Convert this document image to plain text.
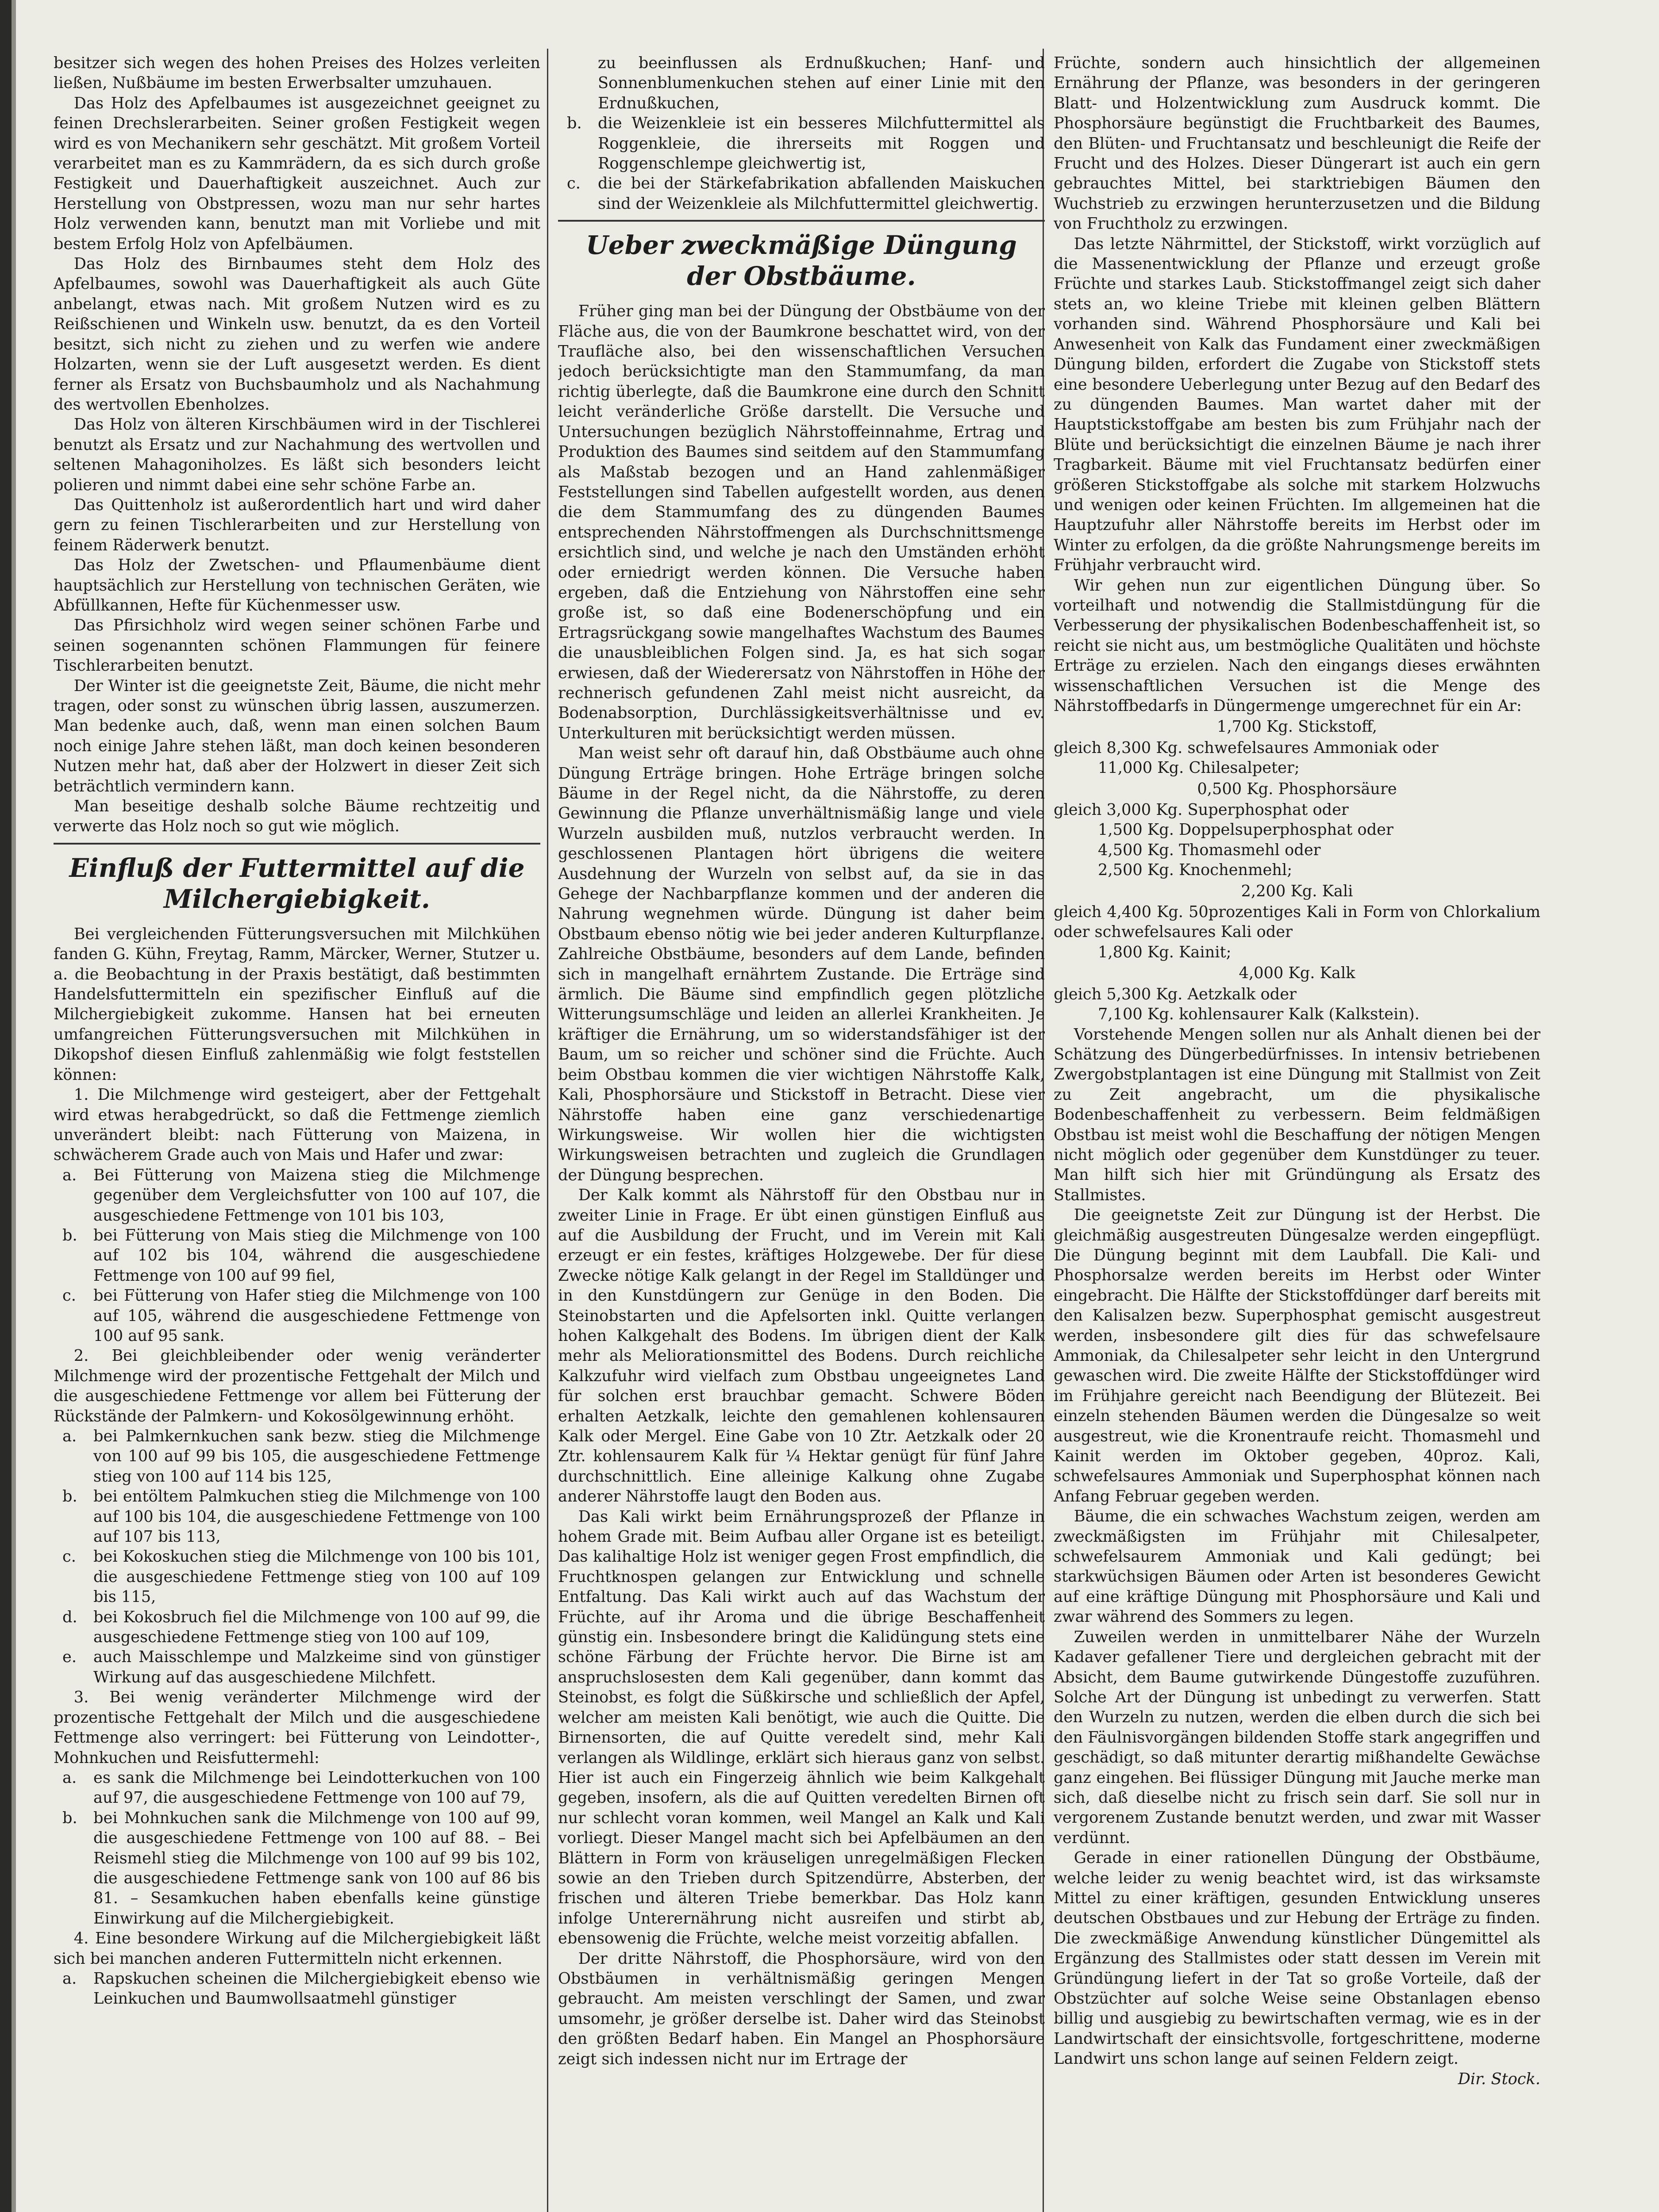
besitzer sich wegen des hohen Preises des Holzes verleiten ließen, Nußbäume im besten Erwerbsalter umzuhauen.

Das Holz des Apfelbaumes ist ausgezeichnet geeignet zu feinen Drechslerarbeiten. Seiner großen Festigkeit wegen wird es von Mechanikern sehr geschätzt. Mit großem Vorteil verarbeitet man es zu Kammrädern, da es sich durch große Festigkeit und Dauerhaftigkeit auszeichnet. Auch zur Herstellung von Obstpressen, wozu man nur sehr hartes Holz verwenden kann, benutzt man mit Vorliebe und mit bestem Erfolg Holz von Apfelbäumen.

Das Holz des Birnbaumes steht dem Holz des Apfelbaumes, sowohl was Dauerhaftigkeit als auch Güte anbelangt, etwas nach. Mit großem Nutzen wird es zu Reißschienen und Winkeln usw. benutzt, da es den Vorteil besitzt, sich nicht zu ziehen und zu werfen wie andere Holzarten, wenn sie der Luft ausgesetzt werden. Es dient ferner als Ersatz von Buchsbaumholz und als Nachahmung des wertvollen Ebenholzes.

Das Holz von älteren Kirschbäumen wird in der Tischlerei benutzt als Ersatz und zur Nachahmung des wertvollen und seltenen Mahagoniholzes. Es läßt sich besonders leicht polieren und nimmt dabei eine sehr schöne Farbe an.

Das Quittenholz ist außerordentlich hart und wird daher gern zu feinen Tischlerarbeiten und zur Herstellung von feinem Räderwerk benutzt.

Das Holz der Zwetschen- und Pflaumenbäume dient hauptsächlich zur Herstellung von technischen Geräten, wie Abfüllkannen, Hefte für Küchenmesser usw.

Das Pfirsichholz wird wegen seiner schönen Farbe und seinen sogenannten schönen Flammungen für feinere Tischlerarbeiten benutzt.

Der Winter ist die geeignetste Zeit, Bäume, die nicht mehr tragen, oder sonst zu wünschen übrig lassen, auszumerzen. Man bedenke auch, daß, wenn man einen solchen Baum noch einige Jahre stehen läßt, man doch keinen besonderen Nutzen mehr hat, daß aber der Holzwert in dieser Zeit sich beträchtlich vermindern kann.

Man beseitige deshalb solche Bäume rechtzeitig und verwerte das Holz noch so gut wie möglich.

Einfluß der Futtermittel auf die Milchergiebigkeit.

Bei vergleichenden Fütterungsversuchen mit Milchkühen fanden G. Kühn, Freytag, Ramm, Märcker, Werner, Stutzer u. a. die Beobachtung in der Praxis bestätigt, daß bestimmten Handelsfuttermitteln ein spezifischer Einfluß auf die Milchergiebigkeit zukomme. Hansen hat bei erneuten umfangreichen Fütterungsversuchen mit Milchkühen in Dikopshof diesen Einfluß zahlenmäßig wie folgt feststellen können:

1. Die Milchmenge wird gesteigert, aber der Fettgehalt wird etwas herabgedrückt, so daß die Fettmenge ziemlich unverändert bleibt: nach Fütterung von Maizena, in schwächerem Grade auch von Mais und Hafer und zwar:

a. Bei Fütterung von Maizena stieg die Milchmenge gegenüber dem Vergleichsfutter von 100 auf 107, die ausgeschiedene Fettmenge von 101 bis 103,
b. bei Fütterung von Mais stieg die Milchmenge von 100 auf 102 bis 104, während die ausgeschiedene Fettmenge von 100 auf 99 fiel,
c. bei Fütterung von Hafer stieg die Milchmenge von 100 auf 105, während die ausgeschiedene Fettmenge von 100 auf 95 sank.

2. Bei gleichbleibender oder wenig veränderter Milchmenge wird der prozentische Fettgehalt der Milch und die ausgeschiedene Fettmenge vor allem bei Fütterung der Rückstände der Palmkern- und Kokosölgewinnung erhöht.

a. bei Palmkernkuchen sank bezw. stieg die Milchmenge von 100 auf 99 bis 105, die ausgeschiedene Fettmenge stieg von 100 auf 114 bis 125,
b. bei entöltem Palmkuchen stieg die Milchmenge von 100 auf 100 bis 104, die ausgeschiedene Fettmenge von 100 auf 107 bis 113,
c. bei Kokoskuchen stieg die Milchmenge von 100 bis 101, die ausgeschiedene Fettmenge stieg von 100 auf 109 bis 115,
d. bei Kokosbruch fiel die Milchmenge von 100 auf 99, die ausgeschiedene Fettmenge stieg von 100 auf 109,
e. auch Maisschlempe und Malzkeime sind von günstiger Wirkung auf das ausgeschiedene Milchfett.

3. Bei wenig veränderter Milchmenge wird der prozentische Fettgehalt der Milch und die ausgeschiedene Fettmenge also verringert: bei Fütterung von Leindotter-, Mohnkuchen und Reisfuttermehl:

a. es sank die Milchmenge bei Leindotterkuchen von 100 auf 97, die ausgeschiedene Fettmenge von 100 auf 79,
b. bei Mohnkuchen sank die Milchmenge von 100 auf 99, die ausgeschiedene Fettmenge von 100 auf 88. – Bei Reismehl stieg die Milchmenge von 100 auf 99 bis 102, die ausgeschiedene Fettmenge sank von 100 auf 86 bis 81. – Sesamkuchen haben ebenfalls keine günstige Einwirkung auf die Milchergiebigkeit.

4. Eine besondere Wirkung auf die Milchergiebigkeit läßt sich bei manchen anderen Futtermitteln nicht erkennen.

a. Rapskuchen scheinen die Milchergiebigkeit ebenso wie Leinkuchen und Baumwollsaatmehl günstiger
zu beeinflussen als Erdnußkuchen; Hanf- und Sonnenblumenkuchen stehen auf einer Linie mit den Erdnußkuchen,
b. die Weizenkleie ist ein besseres Milchfuttermittel als Roggenkleie, die ihrerseits mit Roggen und Roggenschlempe gleichwertig ist,
c. die bei der Stärkefabrikation abfallenden Maiskuchen sind der Weizenkleie als Milchfuttermittel gleichwertig.
Ueber zweckmäßige Düngung der Obstbäume.

Früher ging man bei der Düngung der Obstbäume von der Fläche aus, die von der Baumkrone beschattet wird, von der Traufläche also, bei den wissenschaftlichen Versuchen jedoch berücksichtigte man den Stammumfang, da man richtig überlegte, daß die Baumkrone eine durch den Schnitt leicht veränderliche Größe darstellt. Die Versuche und Untersuchungen bezüglich Nährstoffeinnahme, Ertrag und Produktion des Baumes sind seitdem auf den Stammumfang als Maßstab bezogen und an Hand zahlenmäßiger Feststellungen sind Tabellen aufgestellt worden, aus denen die dem Stammumfang des zu düngenden Baumes entsprechenden Nährstoffmengen als Durchschnittsmenge ersichtlich sind, und welche je nach den Umständen erhöht oder erniedrigt werden können. Die Versuche haben ergeben, daß die Entziehung von Nährstoffen eine sehr große ist, so daß eine Bodenerschöpfung und ein Ertragsrückgang sowie mangelhaftes Wachstum des Baumes die unausbleiblichen Folgen sind. Ja, es hat sich sogar erwiesen, daß der Wiederersatz von Nährstoffen in Höhe der rechnerisch gefundenen Zahl meist nicht ausreicht, da Bodenabsorption, Durchlässigkeitsverhältnisse und ev. Unterkulturen mit berücksichtigt werden müssen.

Man weist sehr oft darauf hin, daß Obstbäume auch ohne Düngung Erträge bringen. Hohe Erträge bringen solche Bäume in der Regel nicht, da die Nährstoffe, zu deren Gewinnung die Pflanze unverhältnismäßig lange und viele Wurzeln ausbilden muß, nutzlos verbraucht werden. In geschlossenen Plantagen hört übrigens die weitere Ausdehnung der Wurzeln von selbst auf, da sie in das Gehege der Nachbarpflanze kommen und der anderen die Nahrung wegnehmen würde. Düngung ist daher beim Obstbaum ebenso nötig wie bei jeder anderen Kulturpflanze. Zahlreiche Obstbäume, besonders auf dem Lande, befinden sich in mangelhaft ernährtem Zustande. Die Erträge sind ärmlich. Die Bäume sind empfindlich gegen plötzliche Witterungsumschläge und leiden an allerlei Krankheiten. Je kräftiger die Ernährung, um so widerstandsfähiger ist der Baum, um so reicher und schöner sind die Früchte. Auch beim Obstbau kommen die vier wichtigen Nährstoffe Kalk, Kali, Phosphorsäure und Stickstoff in Betracht. Diese vier Nährstoffe haben eine ganz verschiedenartige Wirkungsweise. Wir wollen hier die wichtigsten Wirkungsweisen betrachten und zugleich die Grundlagen der Düngung besprechen.

Der Kalk kommt als Nährstoff für den Obstbau nur in zweiter Linie in Frage. Er übt einen günstigen Einfluß aus auf die Ausbildung der Frucht, und im Verein mit Kali erzeugt er ein festes, kräftiges Holzgewebe. Der für diese Zwecke nötige Kalk gelangt in der Regel im Stalldünger und in den Kunstdüngern zur Genüge in den Boden. Die Steinobstarten und die Apfelsorten inkl. Quitte verlangen hohen Kalkgehalt des Bodens. Im übrigen dient der Kalk mehr als Meliorationsmittel des Bodens. Durch reichliche Kalkzufuhr wird vielfach zum Obstbau ungeeignetes Land für solchen erst brauchbar gemacht. Schwere Böden erhalten Aetzkalk, leichte den gemahlenen kohlensauren Kalk oder Mergel. Eine Gabe von 10 Ztr. Aetzkalk oder 20 Ztr. kohlensaurem Kalk für ¼ Hektar genügt für fünf Jahre durchschnittlich. Eine alleinige Kalkung ohne Zugabe anderer Nährstoffe laugt den Boden aus.

Das Kali wirkt beim Ernährungsprozeß der Pflanze in hohem Grade mit. Beim Aufbau aller Organe ist es beteiligt. Das kalihaltige Holz ist weniger gegen Frost empfindlich, die Fruchtknospen gelangen zur Entwicklung und schnelle Entfaltung. Das Kali wirkt auch auf das Wachstum der Früchte, auf ihr Aroma und die übrige Beschaffenheit günstig ein. Insbesondere bringt die Kalidüngung stets eine schöne Färbung der Früchte hervor. Die Birne ist am anspruchslosesten dem Kali gegenüber, dann kommt das Steinobst, es folgt die Süßkirsche und schließlich der Apfel, welcher am meisten Kali benötigt, wie auch die Quitte. Die Birnensorten, die auf Quitte veredelt sind, mehr Kali verlangen als Wildlinge, erklärt sich hieraus ganz von selbst. Hier ist auch ein Fingerzeig ähnlich wie beim Kalkgehalt gegeben, insofern, als die auf Quitten veredelten Birnen oft nur schlecht voran kommen, weil Mangel an Kalk und Kali vorliegt. Dieser Mangel macht sich bei Apfelbäumen an den Blättern in Form von kräuseligen unregelmäßigen Flecken sowie an den Trieben durch Spitzendürre, Absterben, der frischen und älteren Triebe bemerkbar. Das Holz kann infolge Unterernährung nicht ausreifen und stirbt ab, ebensowenig die Früchte, welche meist vorzeitig abfallen.

Der dritte Nährstoff, die Phosphorsäure, wird von den Obstbäumen in verhältnismäßig geringen Mengen gebraucht. Am meisten verschlingt der Samen, und zwar umsomehr, je größer derselbe ist. Daher wird das Steinobst den größten Bedarf haben. Ein Mangel an Phosphorsäure zeigt sich indessen nicht nur im Ertrage der

Früchte, sondern auch hinsichtlich der allgemeinen Ernährung der Pflanze, was besonders in der geringeren Blatt- und Holzentwicklung zum Ausdruck kommt. Die Phosphorsäure begünstigt die Fruchtbarkeit des Baumes, den Blüten- und Fruchtansatz und beschleunigt die Reife der Frucht und des Holzes. Dieser Düngerart ist auch ein gern gebrauchtes Mittel, bei starktriebigen Bäumen den Wuchstrieb zu erzwingen herunterzusetzen und die Bildung von Fruchtholz zu erzwingen.

Das letzte Nährmittel, der Stickstoff, wirkt vorzüglich auf die Massenentwicklung der Pflanze und erzeugt große Früchte und starkes Laub. Stickstoffmangel zeigt sich daher stets an, wo kleine Triebe mit kleinen gelben Blättern vorhanden sind. Während Phosphorsäure und Kali bei Anwesenheit von Kalk das Fundament einer zweckmäßigen Düngung bilden, erfordert die Zugabe von Stickstoff stets eine besondere Ueberlegung unter Bezug auf den Bedarf des zu düngenden Baumes. Man wartet daher mit der Hauptstickstoffgabe am besten bis zum Frühjahr nach der Blüte und berücksichtigt die einzelnen Bäume je nach ihrer Tragbarkeit. Bäume mit viel Fruchtansatz bedürfen einer größeren Stickstoffgabe als solche mit starkem Holzwuchs und wenigen oder keinen Früchten. Im allgemeinen hat die Hauptzufuhr aller Nährstoffe bereits im Herbst oder im Winter zu erfolgen, da die größte Nahrungsmenge bereits im Frühjahr verbraucht wird.

Wir gehen nun zur eigentlichen Düngung über. So vorteilhaft und notwendig die Stallmistdüngung für die Verbesserung der physikalischen Bodenbeschaffenheit ist, so reicht sie nicht aus, um bestmögliche Qualitäten und höchste Erträge zu erzielen. Nach den eingangs dieses erwähnten wissenschaftlichen Versuchen ist die Menge des Nährstoffbedarfs in Düngermenge umgerechnet für ein Ar:

1,700 Kg. Stickstoff,

gleich 8,300 Kg. schwefelsaures Ammoniak oder

11,000 Kg. Chilesalpeter;

0,500 Kg. Phosphorsäure

gleich 3,000 Kg. Superphosphat oder

1,500 Kg. Doppelsuperphosphat oder

4,500 Kg. Thomasmehl oder

2,500 Kg. Knochenmehl;

2,200 Kg. Kali

gleich 4,400 Kg. 50prozentiges Kali in Form von Chlorkalium oder schwefelsaures Kali oder

1,800 Kg. Kainit;

4,000 Kg. Kalk

gleich 5,300 Kg. Aetzkalk oder

7,100 Kg. kohlensaurer Kalk (Kalkstein).

Vorstehende Mengen sollen nur als Anhalt dienen bei der Schätzung des Düngerbedürfnisses. In intensiv betriebenen Zwergobstplantagen ist eine Düngung mit Stallmist von Zeit zu Zeit angebracht, um die physikalische Bodenbeschaffenheit zu verbessern. Beim feldmäßigen Obstbau ist meist wohl die Beschaffung der nötigen Mengen nicht möglich oder gegenüber dem Kunstdünger zu teuer. Man hilft sich hier mit Gründüngung als Ersatz des Stallmistes.

Die geeignetste Zeit zur Düngung ist der Herbst. Die gleichmäßig ausgestreuten Düngesalze werden eingepflügt. Die Düngung beginnt mit dem Laubfall. Die Kali- und Phosphorsalze werden bereits im Herbst oder Winter eingebracht. Die Hälfte der Stickstoffdünger darf bereits mit den Kalisalzen bezw. Superphosphat gemischt ausgestreut werden, insbesondere gilt dies für das schwefelsaure Ammoniak, da Chilesalpeter sehr leicht in den Untergrund gewaschen wird. Die zweite Hälfte der Stickstoffdünger wird im Frühjahre gereicht nach Beendigung der Blütezeit. Bei einzeln stehenden Bäumen werden die Düngesalze so weit ausgestreut, wie die Kronentraufe reicht. Thomasmehl und Kainit werden im Oktober gegeben, 40proz. Kali, schwefelsaures Ammoniak und Superphosphat können nach Anfang Februar gegeben werden.

Bäume, die ein schwaches Wachstum zeigen, werden am zweckmäßigsten im Frühjahr mit Chilesalpeter, schwefelsaurem Ammoniak und Kali gedüngt; bei starkwüchsigen Bäumen oder Arten ist besonderes Gewicht auf eine kräftige Düngung mit Phosphorsäure und Kali und zwar während des Sommers zu legen.

Zuweilen werden in unmittelbarer Nähe der Wurzeln Kadaver gefallener Tiere und dergleichen gebracht mit der Absicht, dem Baume gutwirkende Düngestoffe zuzuführen. Solche Art der Düngung ist unbedingt zu verwerfen. Statt den Wurzeln zu nutzen, werden die elben durch die sich bei den Fäulnisvorgängen bildenden Stoffe stark angegriffen und geschädigt, so daß mitunter derartig mißhandelte Gewächse ganz eingehen. Bei flüssiger Düngung mit Jauche merke man sich, daß dieselbe nicht zu frisch sein darf. Sie soll nur in vergorenem Zustande benutzt werden, und zwar mit Wasser verdünnt.

Gerade in einer rationellen Düngung der Obstbäume, welche leider zu wenig beachtet wird, ist das wirksamste Mittel zu einer kräftigen, gesunden Entwicklung unseres deutschen Obstbaues und zur Hebung der Erträge zu finden. Die zweckmäßige Anwendung künstlicher Düngemittel als Ergänzung des Stallmistes oder statt dessen im Verein mit Gründüngung liefert in der Tat so große Vorteile, daß der Obstzüchter auf solche Weise seine Obstanlagen ebenso billig und ausgiebig zu bewirtschaften vermag, wie es in der Landwirtschaft der einsichtsvolle, fortgeschrittene, moderne Landwirt uns schon lange auf seinen Feldern zeigt.

Dir. Stock.
